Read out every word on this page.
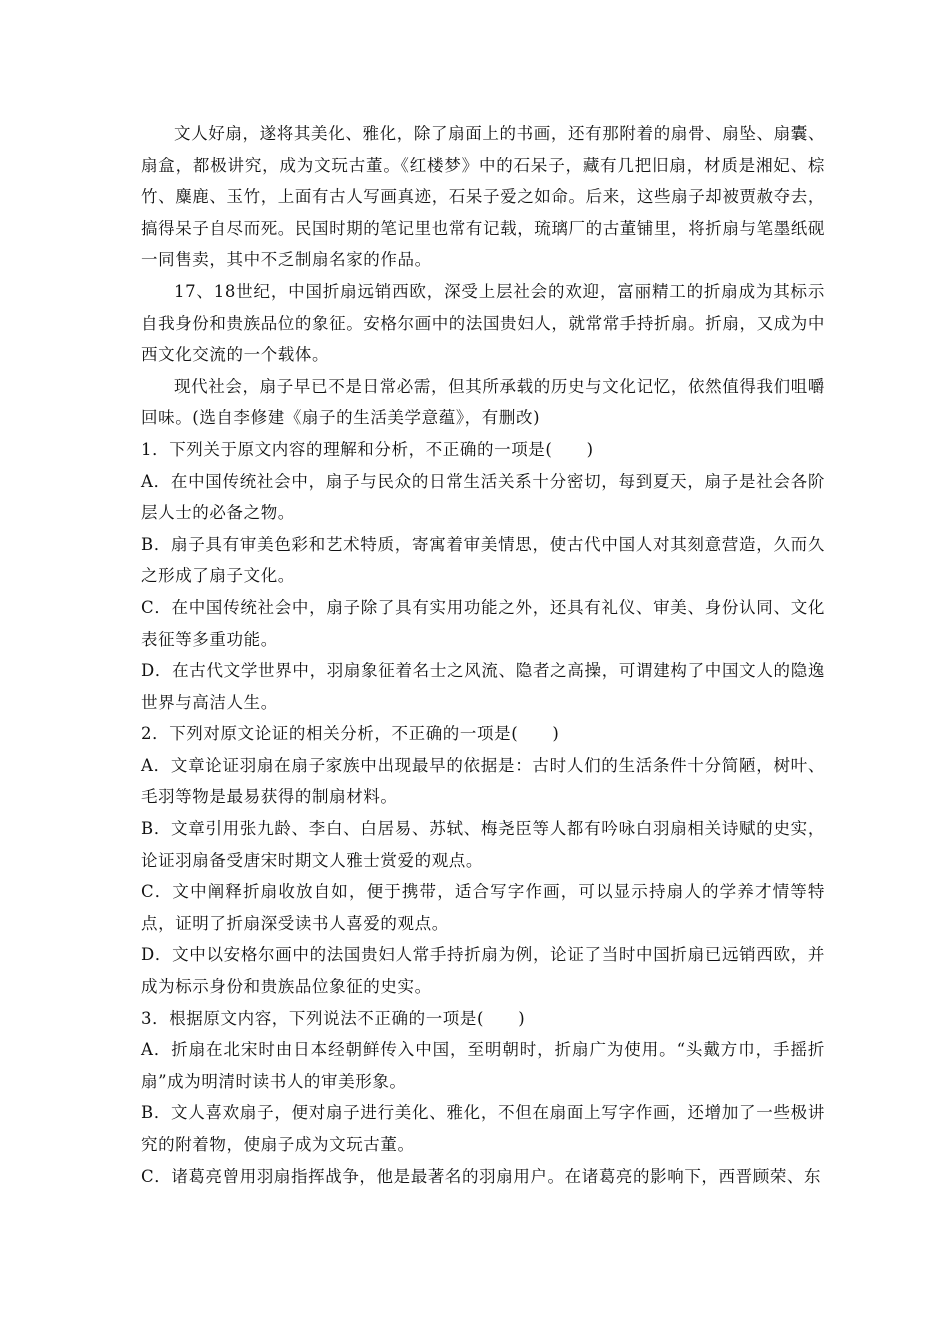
文人好扇，遂将其美化、雅化，除了扇面上的书画，还有那附着的扇骨、扇坠、扇囊、扇盒，都极讲究，成为文玩古董。《红楼梦》中的石呆子，藏有几把旧扇，材质是湘妃、棕竹、麋鹿、玉竹，上面有古人写画真迹，石呆子爱之如命。后来，这些扇子却被贾赦夺去，搞得呆子自尽而死。民国时期的笔记里也常有记载，琉璃厂的古董铺里，将折扇与笔墨纸砚一同售卖，其中不乏制扇名家的作品。

17、18世纪，中国折扇远销西欧，深受上层社会的欢迎，富丽精工的折扇成为其标示自我身份和贵族品位的象征。安格尔画中的法国贵妇人，就常常手持折扇。折扇，又成为中西文化交流的一个载体。

现代社会，扇子早已不是日常必需，但其所承载的历史与文化记忆，依然值得我们咀嚼回味。(选自李修建《扇子的生活美学意蕴》，有删改)

1．下列关于原文内容的理解和分析，不正确的一项是(　　)

A．在中国传统社会中，扇子与民众的日常生活关系十分密切，每到夏天，扇子是社会各阶层人士的必备之物。

B．扇子具有审美色彩和艺术特质，寄寓着审美情思，使古代中国人对其刻意营造，久而久之形成了扇子文化。

C．在中国传统社会中，扇子除了具有实用功能之外，还具有礼仪、审美、身份认同、文化表征等多重功能。

D．在古代文学世界中，羽扇象征着名士之风流、隐者之高操，可谓建构了中国文人的隐逸世界与高洁人生。

2．下列对原文论证的相关分析，不正确的一项是(　　)

A．文章论证羽扇在扇子家族中出现最早的依据是：古时人们的生活条件十分简陋，树叶、毛羽等物是最易获得的制扇材料。

B．文章引用张九龄、李白、白居易、苏轼、梅尧臣等人都有吟咏白羽扇相关诗赋的史实，论证羽扇备受唐宋时期文人雅士赏爱的观点。

C．文中阐释折扇收放自如，便于携带，适合写字作画，可以显示持扇人的学养才情等特点，证明了折扇深受读书人喜爱的观点。

D．文中以安格尔画中的法国贵妇人常手持折扇为例，论证了当时中国折扇已远销西欧，并成为标示身份和贵族品位象征的史实。

3．根据原文内容，下列说法不正确的一项是(　　)

A．折扇在北宋时由日本经朝鲜传入中国，至明朝时，折扇广为使用。“头戴方巾，手摇折扇”成为明清时读书人的审美形象。

B．文人喜欢扇子，便对扇子进行美化、雅化，不但在扇面上写字作画，还增加了一些极讲究的附着物，使扇子成为文玩古董。

C．诸葛亮曾用羽扇指挥战争，他是最著名的羽扇用户。在诸葛亮的影响下，西晋顾荣、东
